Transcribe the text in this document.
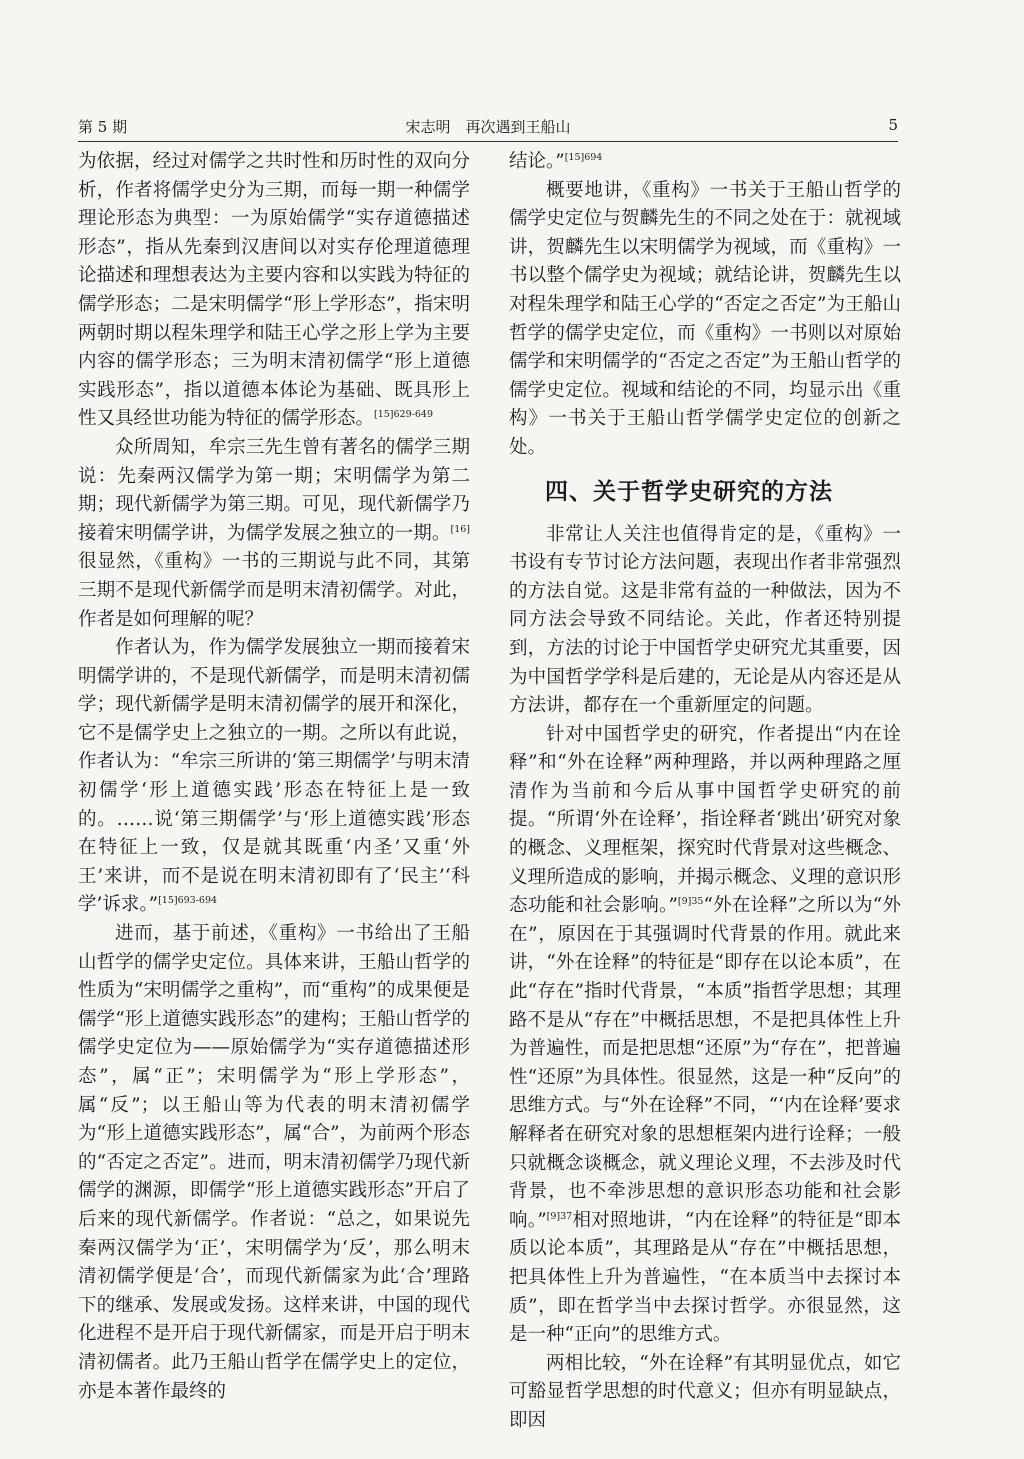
第 5 期	宋志明　再次遇到王船山	5

为依据，经过对儒学之共时性和历时性的双向分析，作者将儒学史分为三期，而每一期一种儒学理论形态为典型：一为原始儒学“实存道德描述形态”，指从先秦到汉唐间以对实存伦理道德理论描述和理想表达为主要内容和以实践为特征的儒学形态；二是宋明儒学“形上学形态”，指宋明两朝时期以程朱理学和陆王心学之形上学为主要内容的儒学形态；三为明末清初儒学“形上道德实践形态”，指以道德本体论为基础、既具形上性又具经世功能为特征的儒学形态。$^{[15]629-649}$

众所周知，牟宗三先生曾有著名的儒学三期说：先秦两汉儒学为第一期；宋明儒学为第二期；现代新儒学为第三期。可见，现代新儒学乃接着宋明儒学讲，为儒学发展之独立的一期。[16]很显然，《重构》一书的三期说与此不同，其第三期不是现代新儒学而是明末清初儒学。对此，作者是如何理解的呢？

作者认为，作为儒学发展独立一期而接着宋明儒学讲的，不是现代新儒学，而是明末清初儒学；现代新儒学是明末清初儒学的展开和深化，它不是儒学史上之独立的一期。之所以有此说，作者认为：“牟宗三所讲的‘第三期儒学’与明末清初儒学‘形上道德实践’形态在特征上是一致的。……说‘第三期儒学’与‘形上道德实践’形态在特征上一致，仅是就其既重‘内圣’又重‘外王’来讲，而不是说在明末清初即有了‘民主’‘科学’诉求。”$^{[15]693-694}$

进而，基于前述，《重构》一书给出了王船山哲学的儒学史定位。具体来讲，王船山哲学的性质为“宋明儒学之重构”，而“重构”的成果便是儒学“形上道德实践形态”的建构；王船山哲学的儒学史定位为——原始儒学为“实存道德描述形态”，属“正”；宋明儒学为“形上学形态”，属“反”；以王船山等为代表的明末清初儒学为“形上道德实践形态”，属“合”，为前两个形态的“否定之否定”。进而，明末清初儒学乃现代新儒学的渊源，即儒学“形上道德实践形态”开启了后来的现代新儒学。作者说：“总之，如果说先秦两汉儒学为‘正’，宋明儒学为‘反’，那么明末清初儒学便是‘合’，而现代新儒家为此‘合’理路下的继承、发展或发扬。这样来讲，中国的现代化进程不是开启于现代新儒家，而是开启于明末清初儒者。此乃王船山哲学在儒学史上的定位，亦是本著作最终的

结论。”$^{[15]694}$

概要地讲，《重构》一书关于王船山哲学的儒学史定位与贺麟先生的不同之处在于：就视域讲，贺麟先生以宋明儒学为视域，而《重构》一书以整个儒学史为视域；就结论讲，贺麟先生以对程朱理学和陆王心学的“否定之否定”为王船山哲学的儒学史定位，而《重构》一书则以对原始儒学和宋明儒学的“否定之否定”为王船山哲学的儒学史定位。视域和结论的不同，均显示出《重构》一书关于王船山哲学儒学史定位的创新之处。

四、关于哲学史研究的方法

非常让人关注也值得肯定的是，《重构》一书设有专节讨论方法问题，表现出作者非常强烈的方法自觉。这是非常有益的一种做法，因为不同方法会导致不同结论。关此，作者还特别提到，方法的讨论于中国哲学史研究尤其重要，因为中国哲学学科是后建的，无论是从内容还是从方法讲，都存在一个重新厘定的问题。

针对中国哲学史的研究，作者提出“内在诠释”和“外在诠释”两种理路，并以两种理路之厘清作为当前和今后从事中国哲学史研究的前提。“所谓‘外在诠释’，指诠释者‘跳出’研究对象的概念、义理框架，探究时代背景对这些概念、义理所造成的影响，并揭示概念、义理的意识形态功能和社会影响。”$^{[9]35}$“外在诠释”之所以为“外在”，原因在于其强调时代背景的作用。就此来讲，“外在诠释”的特征是“即存在以论本质”，在此“存在”指时代背景，“本质”指哲学思想；其理路不是从“存在”中概括思想，不是把具体性上升为普遍性，而是把思想“还原”为“存在”，把普遍性“还原”为具体性。很显然，这是一种“反向”的思维方式。与“外在诠释”不同，“‘内在诠释’要求解释者在研究对象的思想框架内进行诠释；一般只就概念谈概念，就义理论义理，不去涉及时代背景，也不牵涉思想的意识形态功能和社会影响。”$^{[9]37}$相对照地讲，“内在诠释”的特征是“即本质以论本质”，其理路是从“存在”中概括思想，把具体性上升为普遍性，“在本质当中去探讨本质”，即在哲学当中去探讨哲学。亦很显然，这是一种“正向”的思维方式。

两相比较，“外在诠释”有其明显优点，如它可豁显哲学思想的时代意义；但亦有明显缺点，即因
